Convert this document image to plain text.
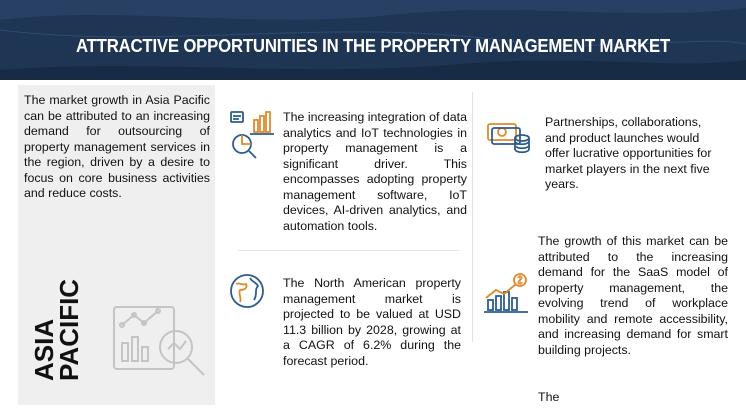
ATTRACTIVE OPPORTUNITIES IN THE PROPERTY MANAGEMENT MARKET

The market growth in Asia Pacific can be attributed to an increasing demand for outsourcing of property management services in the region, driven by a desire to focus on core business activities and reduce costs.

ASIA
PACIFIC

The increasing integration of data analytics and IoT technologies in property management is a significant driver. This encompasses adopting property management software, IoT devices, AI-driven analytics, and automation tools.

The North American property management market is projected to be valued at USD 11.3 billion by 2028, growing at a CAGR of 6.2% during the forecast period.

Partnerships, collaborations, and product launches would offer lucrative opportunities for market players in the next five years.

The growth of this market can be attributed to the increasing demand for the SaaS model of property management, the evolving trend of workplace mobility and remote accessibility, and increasing demand for smart building projects.

The
